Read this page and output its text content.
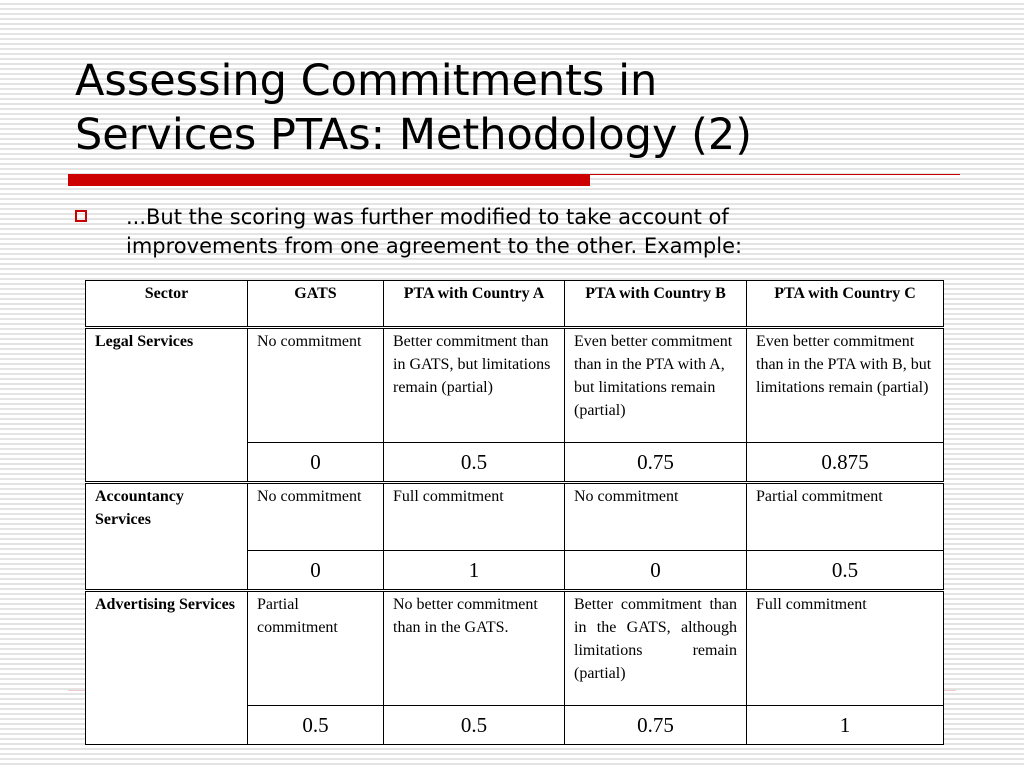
Assessing Commitments in
Services PTAs: Methodology (2)
...But the scoring was further modified to take account of
improvements from one agreement to the other. Example:
Sector	GATS	PTA with Country A	PTA with Country B	PTA with Country C
Legal Services	No commitment	Better commitment than in GATS, but limitations remain (partial)	Even better commitment than in the PTA with A, but limitations remain (partial)	Even better commitment than in the PTA with B, but limitations remain (partial)
	0	0.5	0.75	0.875
Accountancy Services	No commitment	Full commitment	No commitment	Partial commitment
	0	1	0	0.5
Advertising Services	Partial commitment	No better commitment than in the GATS.	Better commitment than in the GATS, although limitations remain (partial)	Full commitment
	0.5	0.5	0.75	1
